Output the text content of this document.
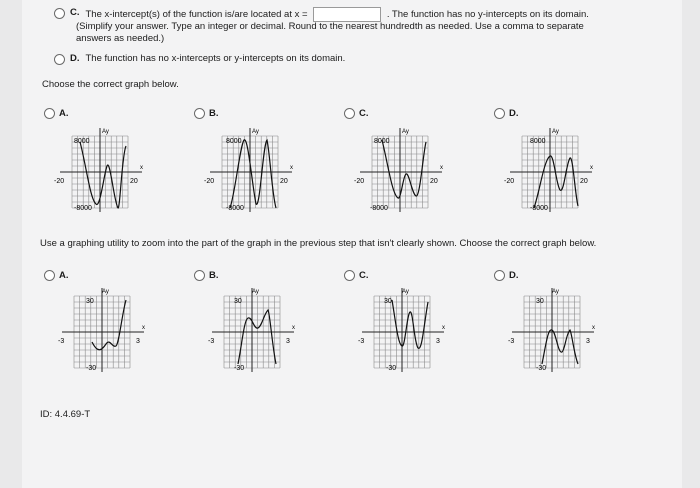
C. The x-intercept(s) of the function is/are located at x =	. The function has no y-intercepts on its domain.
(Simplify your answer. Type an integer or decimal. Round to the nearest hundredth as needed. Use a comma to separate
answers as needed.)
D. The function has no x-intercepts or y-intercepts on its domain.
Choose the correct graph below.
A.	B.	C.	D.
Ay
8000
-8000
-20	20
x
Ay
8000
-8000
-20	20
x
Ay
8000
-8000
-20	20
x
Ay
8000
-8000
-20	20
x
Use a graphing utility to zoom into the part of the graph in the previous step that isn't clearly shown. Choose the correct graph below.
A.	B.	C.	D.
Ay
30
-30
-3	3
x
Ay
30
-30
-3	3
x
Ay
30
-30
-3	3
x
Ay
30
-30
-3	3
x
ID: 4.4.69-T
